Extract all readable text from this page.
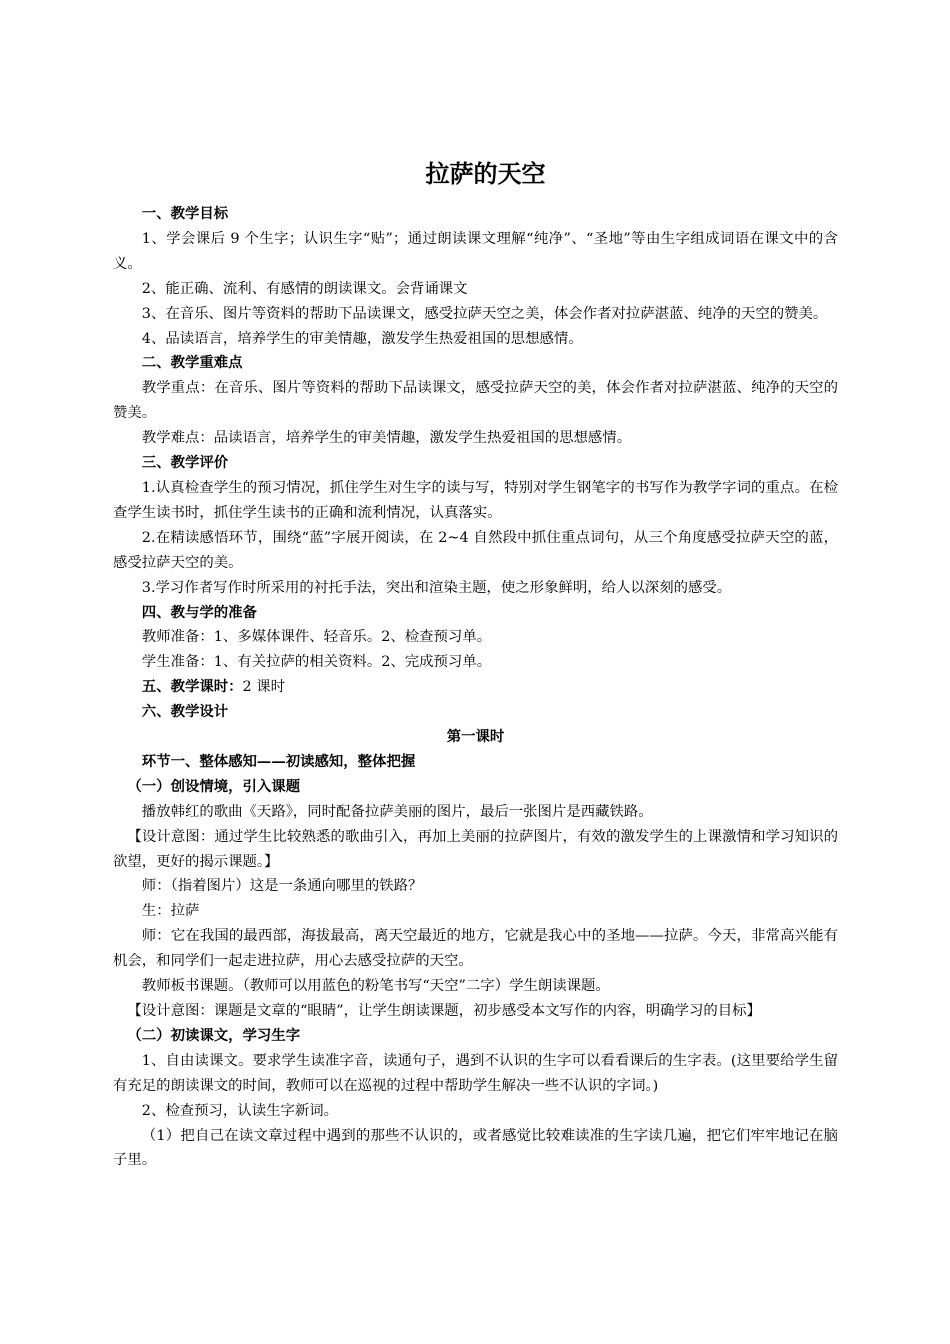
拉萨的天空

一、教学目标

1、学会课后 9 个生字；认识生字“贴”；通过朗读课文理解“纯净”、“圣地”等由生字组成词语在课文中的含义。

2、能正确、流利、有感情的朗读课文。会背诵课文

3、在音乐、图片等资料的帮助下品读课文，感受拉萨天空之美，体会作者对拉萨湛蓝、纯净的天空的赞美。

4、品读语言，培养学生的审美情趣，激发学生热爱祖国的思想感情。

二、教学重难点

教学重点：在音乐、图片等资料的帮助下品读课文，感受拉萨天空的美，体会作者对拉萨湛蓝、纯净的天空的赞美。

教学难点：品读语言，培养学生的审美情趣，激发学生热爱祖国的思想感情。

三、教学评价

1.认真检查学生的预习情况，抓住学生对生字的读与写，特别对学生钢笔字的书写作为教学字词的重点。在检查学生读书时，抓住学生读书的正确和流利情况，认真落实。

2.在精读感悟环节，围绕“蓝”字展开阅读，在 2~4 自然段中抓住重点词句，从三个角度感受拉萨天空的蓝，感受拉萨天空的美。

3.学习作者写作时所采用的衬托手法，突出和渲染主题，使之形象鲜明，给人以深刻的感受。

四、教与学的准备

教师准备：1、多媒体课件、轻音乐。2、检查预习单。

学生准备：1、有关拉萨的相关资料。2、完成预习单。

五、教学课时：2 课时

六、教学设计

第一课时

环节一、整体感知——初读感知，整体把握

（一）创设情境，引入课题

播放韩红的歌曲《天路》，同时配备拉萨美丽的图片，最后一张图片是西藏铁路。

【设计意图：通过学生比较熟悉的歌曲引入，再加上美丽的拉萨图片，有效的激发学生的上课激情和学习知识的欲望，更好的揭示课题。】

师：（指着图片）这是一条通向哪里的铁路？

生：拉萨

师：它在我国的最西部，海拔最高，离天空最近的地方，它就是我心中的圣地——拉萨。今天，非常高兴能有机会，和同学们一起走进拉萨，用心去感受拉萨的天空。

教师板书课题。（教师可以用蓝色的粉笔书写“天空”二字）学生朗读课题。

【设计意图：课题是文章的“眼睛”，让学生朗读课题，初步感受本文写作的内容，明确学习的目标】

（二）初读课文，学习生字

1、自由读课文。要求学生读准字音，读通句子，遇到不认识的生字可以看看课后的生字表。(这里要给学生留有充足的朗读课文的时间，教师可以在巡视的过程中帮助学生解决一些不认识的字词。)

2、检查预习，认读生字新词。

（1）把自己在读文章过程中遇到的那些不认识的，或者感觉比较难读准的生字读几遍，把它们牢牢地记在脑子里。
